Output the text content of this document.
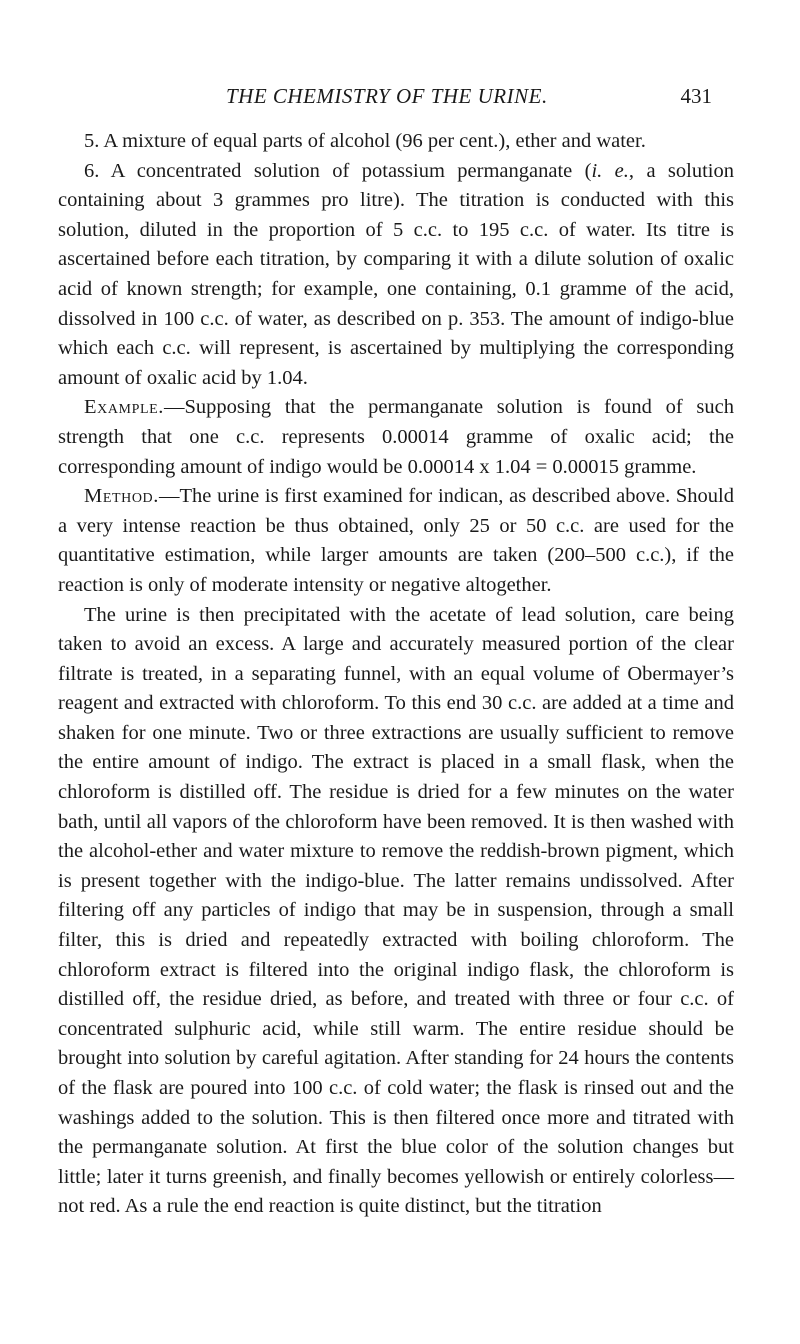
THE CHEMISTRY OF THE URINE.	431

5. A mixture of equal parts of alcohol (96 per cent.), ether and water.

6. A concentrated solution of potassium permanganate (i. e., a solution containing about 3 grammes pro litre). The titration is conducted with this solution, diluted in the proportion of 5 c.c. to 195 c.c. of water. Its titre is ascertained before each titration, by comparing it with a dilute solution of oxalic acid of known strength; for example, one containing, 0.1 gramme of the acid, dissolved in 100 c.c. of water, as described on p. 353. The amount of indigo-blue which each c.c. will represent, is ascertained by multiplying the corresponding amount of oxalic acid by 1.04.

Example.—Supposing that the permanganate solution is found of such strength that one c.c. represents 0.00014 gramme of oxalic acid; the corresponding amount of indigo would be 0.00014 x 1.04 = 0.00015 gramme.

Method.—The urine is first examined for indican, as described above. Should a very intense reaction be thus obtained, only 25 or 50 c.c. are used for the quantitative estimation, while larger amounts are taken (200–500 c.c.), if the reaction is only of moderate intensity or negative altogether.

The urine is then precipitated with the acetate of lead solution, care being taken to avoid an excess. A large and accurately measured portion of the clear filtrate is treated, in a separating funnel, with an equal volume of Obermayer’s reagent and extracted with chloroform. To this end 30 c.c. are added at a time and shaken for one minute. Two or three extractions are usually sufficient to remove the entire amount of indigo. The extract is placed in a small flask, when the chloroform is distilled off. The residue is dried for a few minutes on the water bath, until all vapors of the chloroform have been removed. It is then washed with the alcohol-ether and water mixture to remove the reddish-brown pigment, which is present together with the indigo-blue. The latter remains undissolved. After filtering off any particles of indigo that may be in suspension, through a small filter, this is dried and repeatedly extracted with boiling chloroform. The chloroform extract is filtered into the original indigo flask, the chloroform is distilled off, the residue dried, as before, and treated with three or four c.c. of concentrated sulphuric acid, while still warm. The entire residue should be brought into solution by careful agitation. After standing for 24 hours the contents of the flask are poured into 100 c.c. of cold water; the flask is rinsed out and the washings added to the solution. This is then filtered once more and titrated with the permanganate solution. At first the blue color of the solution changes but little; later it turns greenish, and finally becomes yellowish or entirely colorless—not red. As a rule the end reaction is quite distinct, but the titration
